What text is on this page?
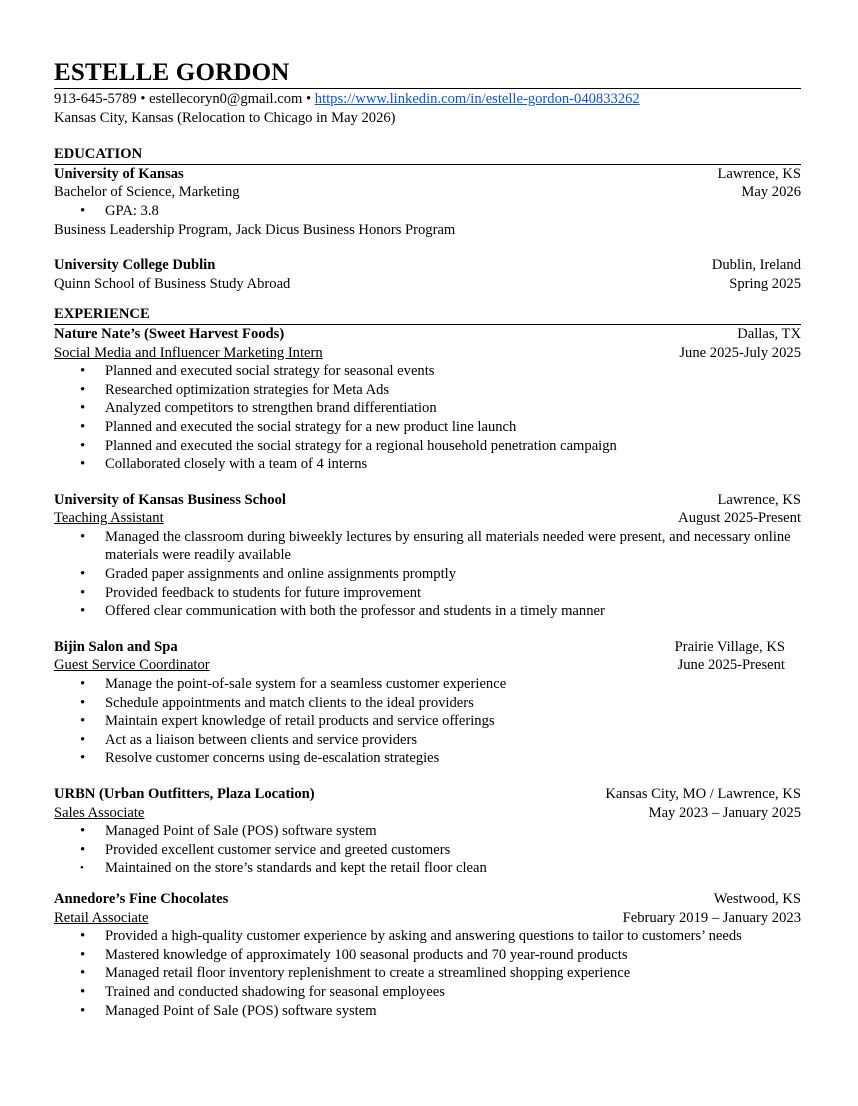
ESTELLE GORDON
913-645-5789 • estellecoryn0@gmail.com • https://www.linkedin.com/in/estelle-gordon-040833262
Kansas City, Kansas (Relocation to Chicago in May 2026)
EDUCATION
University of Kansas	Lawrence, KS
Bachelor of Science, Marketing	May 2026
• GPA: 3.8
Business Leadership Program, Jack Dicus Business Honors Program
University College Dublin	Dublin, Ireland
Quinn School of Business Study Abroad	Spring 2025
EXPERIENCE
Nature Nate’s (Sweet Harvest Foods)	Dallas, TX
Social Media and Influencer Marketing Intern	June 2025-July 2025
• Planned and executed social strategy for seasonal events
• Researched optimization strategies for Meta Ads
• Analyzed competitors to strengthen brand differentiation
• Planned and executed the social strategy for a new product line launch
• Planned and executed the social strategy for a regional household penetration campaign
• Collaborated closely with a team of 4 interns
University of Kansas Business School	Lawrence, KS
Teaching Assistant	August 2025-Present
• Managed the classroom during biweekly lectures by ensuring all materials needed were present, and necessary online materials were readily available
• Graded paper assignments and online assignments promptly
• Provided feedback to students for future improvement
• Offered clear communication with both the professor and students in a timely manner
Bijin Salon and Spa	Prairie Village, KS
Guest Service Coordinator	June 2025-Present
• Manage the point-of-sale system for a seamless customer experience
• Schedule appointments and match clients to the ideal providers
• Maintain expert knowledge of retail products and service offerings
• Act as a liaison between clients and service providers
• Resolve customer concerns using de-escalation strategies
URBN (Urban Outfitters, Plaza Location)	Kansas City, MO / Lawrence, KS
Sales Associate	May 2023 – January 2025
• Managed Point of Sale (POS) software system
• Provided excellent customer service and greeted customers
• Maintained on the store’s standards and kept the retail floor clean
Annedore’s Fine Chocolates	Westwood, KS
Retail Associate	February 2019 – January 2023
• Provided a high-quality customer experience by asking and answering questions to tailor to customers’ needs
• Mastered knowledge of approximately 100 seasonal products and 70 year-round products
• Managed retail floor inventory replenishment to create a streamlined shopping experience
• Trained and conducted shadowing for seasonal employees
• Managed Point of Sale (POS) software system
